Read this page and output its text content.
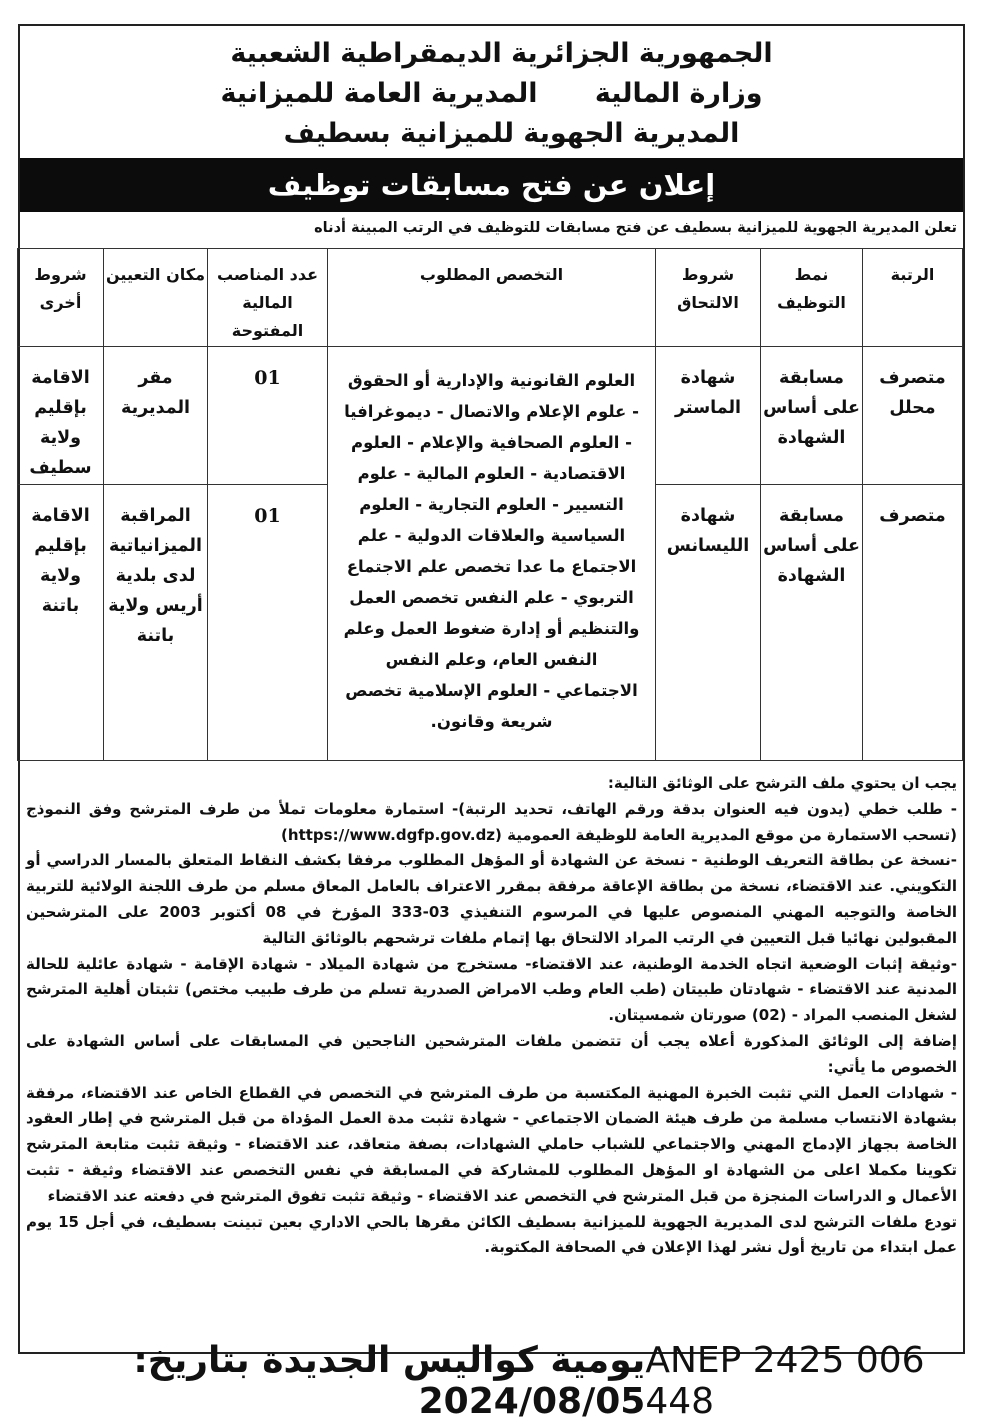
الجمهورية الجزائرية الديمقراطية الشعبية
وزارة المالية المديرية العامة للميزانية
المديرية الجهوية للميزانية بسطيف
إعلان عن فتح مسابقات توظيف
تعلن المديرية الجهوية للميزانية بسطيف عن فتح مسابقات للتوظيف في الرتب المبينة أدناه
الرتبة	نمط التوظيف	شروط الالتحاق	التخصص المطلوب	عدد المناصب المالية المفتوحة	مكان التعيين	شروط أخرى
متصرف محلل	مسابقة على أساس الشهادة	شهادة الماستر	العلوم القانونية والإدارية أو الحقوق - علوم الإعلام والاتصال - ديموغرافيا - العلوم الصحافية والإعلام - العلوم الاقتصادية - العلوم المالية - علوم التسيير - العلوم التجارية - العلوم السياسية والعلاقات الدولية - علم الاجتماع ما عدا تخصص علم الاجتماع التربوي - علم النفس تخصص العمل والتنظيم أو إدارة ضغوط العمل وعلم النفس العام، وعلم النفس الاجتماعي - العلوم الإسلامية تخصص شريعة وقانون.	01	مقر المديرية	الاقامة بإقليم ولاية سطيف
متصرف	مسابقة على أساس الشهادة	شهادة الليسانس		01	المراقبة الميزانياتية لدى بلدية أريس ولاية باتنة	الاقامة بإقليم ولاية باتنة

يجب ان يحتوي ملف الترشح على الوثائق التالية:

- طلب خطي (يدون فيه العنوان بدقة ورقم الهاتف، تحديد الرتبة)- استمارة معلومات تملأ من طرف المترشح وفق النموذج (تسحب الاستمارة من موقع المديرية العامة للوظيفة العمومية (https://www.dgfp.gov.dz)

-نسخة عن بطاقة التعريف الوطنية - نسخة عن الشهادة أو المؤهل المطلوب مرفقا بكشف النقاط المتعلق بالمسار الدراسي أو التكويني. عند الاقتضاء، نسخة من بطاقة الإعاقة مرفقة بمقرر الاعتراف بالعامل المعاق مسلم من طرف اللجنة الولائية للتربية الخاصة والتوجيه المهني المنصوص عليها في المرسوم التنفيذي 03-333 المؤرخ في 08 أكتوبر 2003 على المترشحين المقبولين نهائيا قبل التعيين في الرتب المراد الالتحاق بها إتمام ملفات ترشحهم بالوثائق التالية

-وثيقة إثبات الوضعية اتجاه الخدمة الوطنية، عند الاقتضاء- مستخرج من شهادة الميلاد - شهادة الإقامة - شهادة عائلية للحالة المدنية عند الاقتضاء - شهادتان طبيتان (طب العام وطب الامراض الصدرية تسلم من طرف طبيب مختص) تثبتان أهلية المترشح لشغل المنصب المراد - (02) صورتان شمسيتان.

إضافة إلى الوثائق المذكورة أعلاه يجب أن تتضمن ملفات المترشحين الناجحين في المسابقات على أساس الشهادة على الخصوص ما يأتي:

- شهادات العمل التي تثبت الخبرة المهنية المكتسبة من طرف المترشح في التخصص في القطاع الخاص عند الاقتضاء، مرفقة بشهادة الانتساب مسلمة من طرف هيئة الضمان الاجتماعي - شهادة تثبت مدة العمل المؤداة من قبل المترشح في إطار العقود الخاصة بجهاز الإدماج المهني والاجتماعي للشباب حاملي الشهادات، بصفة متعاقد، عند الاقتضاء - وثيقة تثبت متابعة المترشح تكوينا مكملا اعلى من الشهادة او المؤهل المطلوب للمشاركة في المسابقة في نفس التخصص عند الاقتضاء وثيقة - تثبت الأعمال و الدراسات المنجزة من قبل المترشح في التخصص عند الاقتضاء - وثيقة تثبت تفوق المترشح في دفعته عند الاقتضاء

تودع ملفات الترشح لدى المديرية الجهوية للميزانية بسطيف الكائن مقرها بالحي الاداري بعين تبينت بسطيف، في أجل 15 يوم عمل ابتداء من تاريخ أول نشر لهذا الإعلان في الصحافة المكتوبة.

يومية كواليس الجديدة بتاريخ: 2024/08/05
ANEP 2425 006 448
